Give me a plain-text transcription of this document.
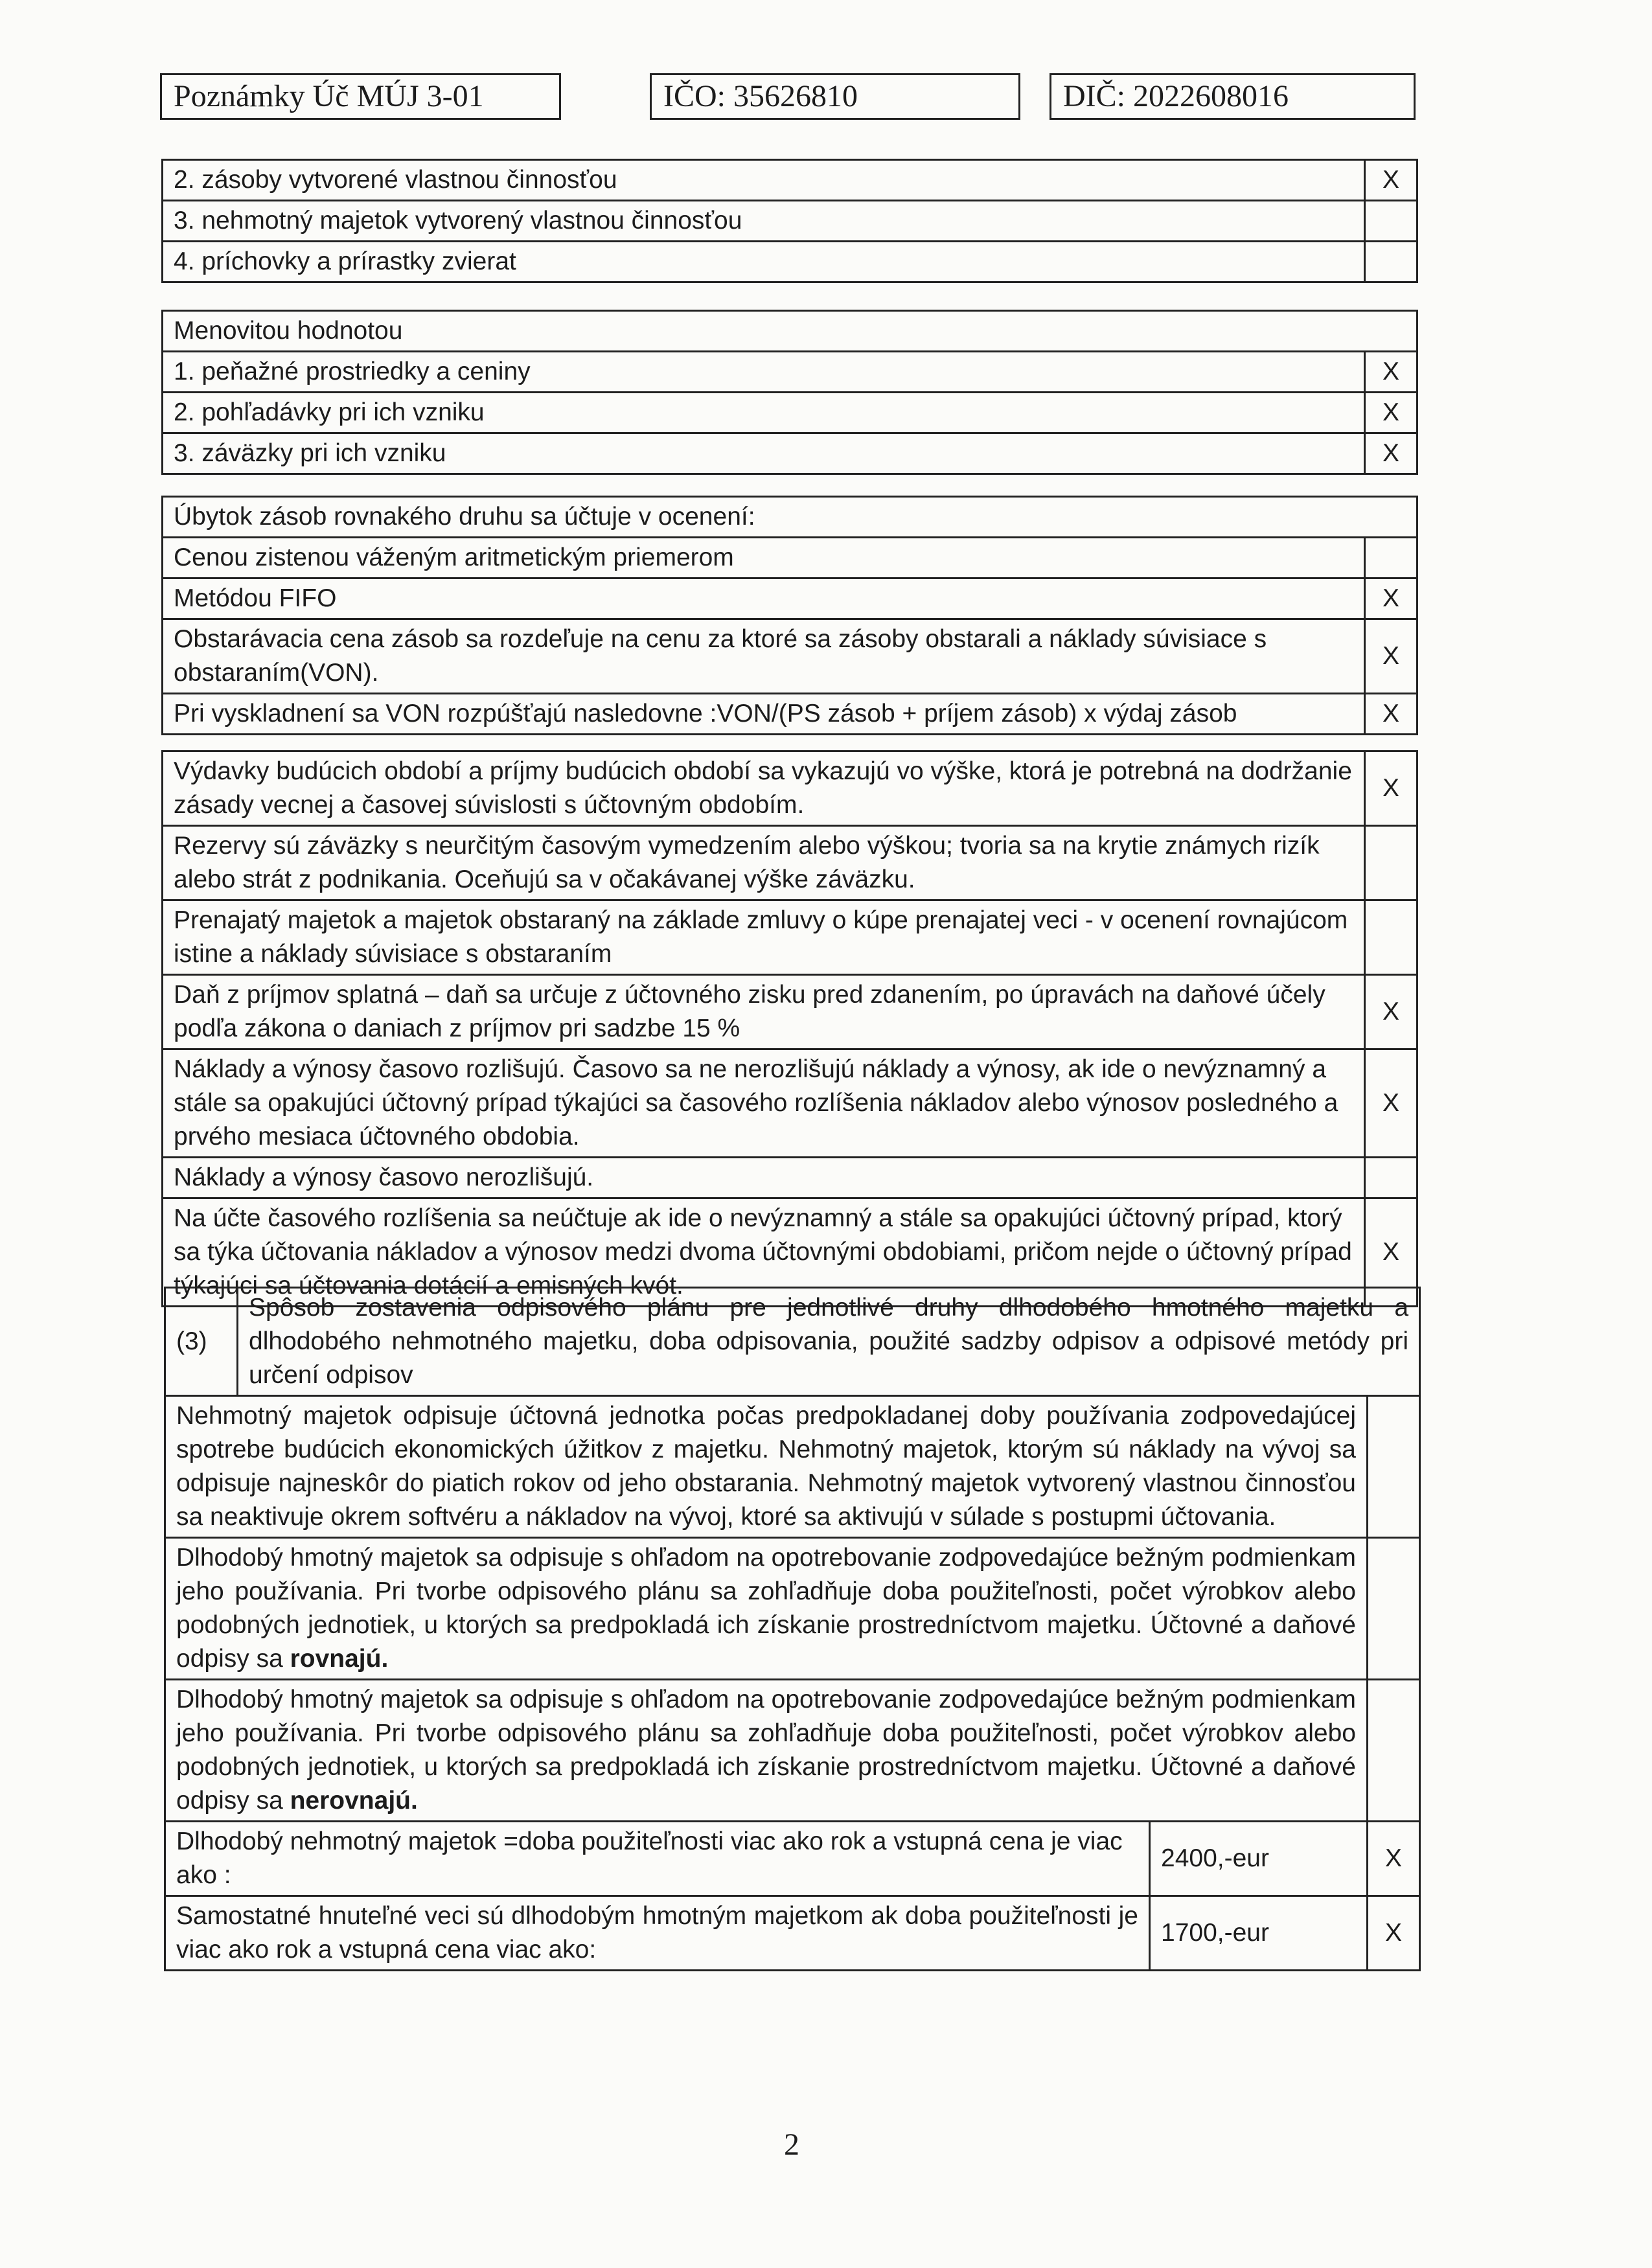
Poznámky Úč MÚJ 3-01	IČO: 35626810	DIČ: 2022608016
2. zásoby vytvorené vlastnou činnosťou	X
3. nehmotný majetok vytvorený vlastnou činnosťou	
4. príchovky a prírastky zvierat	
Menovitou hodnotou	
1. peňažné prostriedky a ceniny	X
2. pohľadávky pri ich vzniku	X
3. záväzky pri ich vzniku	X
Úbytok zásob rovnakého druhu sa účtuje v ocenení:	
Cenou zistenou váženým aritmetickým priemerom	
Metódou FIFO	X
Obstarávacia cena zásob sa rozdeľuje na cenu za ktoré sa zásoby obstarali a náklady súvisiace s obstaraním(VON).	X
Pri vyskladnení sa VON rozpúšťajú nasledovne :VON/(PS zásob + príjem zásob) x výdaj zásob	X
Výdavky budúcich období a príjmy budúcich období sa vykazujú vo výške, ktorá je potrebná na dodržanie zásady vecnej a časovej súvislosti s účtovným obdobím.	X
Rezervy sú záväzky s neurčitým časovým vymedzením alebo výškou; tvoria sa na krytie známych rizík alebo strát z podnikania. Oceňujú sa v očakávanej výške záväzku.	
Prenajatý majetok a majetok obstaraný na základe zmluvy o kúpe prenajatej veci - v ocenení rovnajúcom istine a náklady súvisiace s obstaraním	
Daň z príjmov splatná – daň sa určuje z účtovného zisku pred zdanením, po úpravách na daňové účely podľa zákona o daniach z príjmov pri sadzbe 15 %	X
Náklady a výnosy časovo rozlišujú. Časovo sa ne nerozlišujú náklady a výnosy, ak ide o nevýznamný a stále sa opakujúci účtovný prípad týkajúci sa časového rozlíšenia nákladov alebo výnosov posledného a prvého mesiaca účtovného obdobia.	X
Náklady a výnosy časovo nerozlišujú.	
Na účte časového rozlíšenia sa neúčtuje ak ide o nevýznamný a stále sa opakujúci účtovný prípad, ktorý sa týka účtovania nákladov a výnosov medzi dvoma účtovnými obdobiami, pričom nejde o účtovný prípad týkajúci sa účtovania dotácií a emisných kvót.	X
(3)	Spôsob zostavenia odpisového plánu pre jednotlivé druhy dlhodobého hmotného majetku a dlhodobého nehmotného majetku, doba odpisovania, použité sadzby odpisov a odpisové metódy pri určení odpisov		
Nehmotný majetok odpisuje účtovná jednotka počas predpokladanej doby používania zodpovedajúcej spotrebe budúcich ekonomických úžitkov z majetku. Nehmotný majetok, ktorým sú náklady na vývoj sa odpisuje najneskôr do piatich rokov od jeho obstarania. Nehmotný majetok vytvorený vlastnou činnosťou sa neaktivuje okrem softvéru a nákladov na vývoj, ktoré sa aktivujú v súlade s postupmi účtovania.			
Dlhodobý hmotný majetok sa odpisuje s ohľadom na opotrebovanie zodpovedajúce bežným podmienkam jeho používania. Pri tvorbe odpisového plánu sa zohľadňuje doba použiteľnosti, počet výrobkov alebo podobných jednotiek, u ktorých sa predpokladá ich získanie prostredníctvom majetku. Účtovné a daňové odpisy sa rovnajú.			
Dlhodobý hmotný majetok sa odpisuje s ohľadom na opotrebovanie zodpovedajúce bežným podmienkam jeho používania. Pri tvorbe odpisového plánu sa zohľadňuje doba použiteľnosti, počet výrobkov alebo podobných jednotiek, u ktorých sa predpokladá ich získanie prostredníctvom majetku. Účtovné a daňové odpisy sa nerovnajú.			
Dlhodobý nehmotný majetok =doba použiteľnosti viac ako rok a vstupná cena je viac ako :		2400,-eur	X
Samostatné hnuteľné veci sú dlhodobým hmotným majetkom ak doba použiteľnosti je viac ako rok a vstupná cena viac ako:		1700,-eur	X
2
